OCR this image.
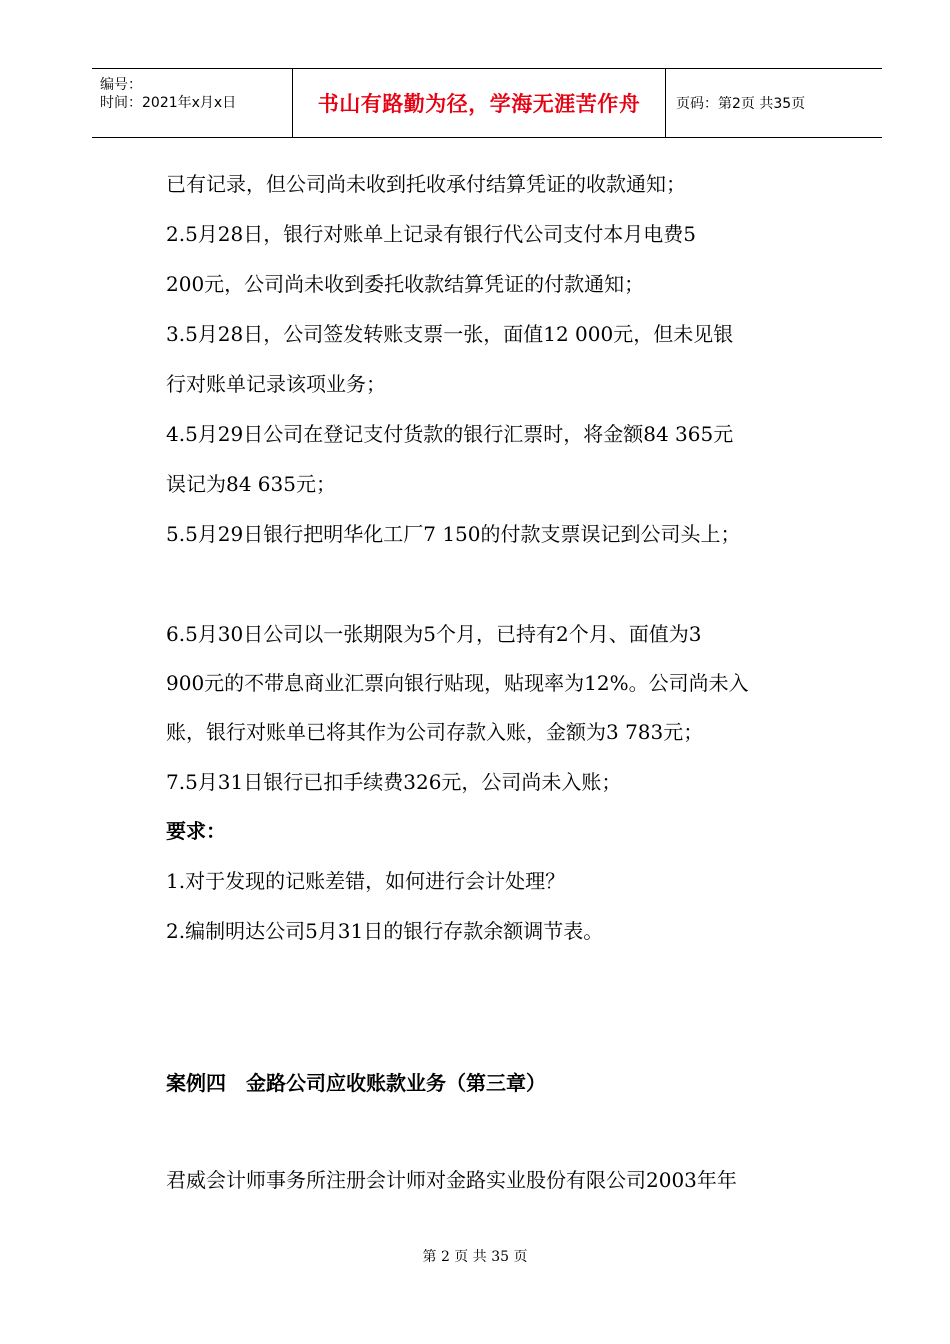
编号：
时间：2021年x月x日	书山有路勤为径，学海无涯苦作舟	页码：第2页 共35页
已有记录，但公司尚未收到托收承付结算凭证的收款通知；
2.5月28日，银行对账单上记录有银行代公司支付本月电费5
200元，公司尚未收到委托收款结算凭证的付款通知；
3.5月28日，公司签发转账支票一张，面值12 000元，但未见银
行对账单记录该项业务；
4.5月29日公司在登记支付货款的银行汇票时，将金额84 365元
误记为84 635元；
5.5月29日银行把明华化工厂7 150的付款支票误记到公司头上；
6.5月30日公司以一张期限为5个月，已持有2个月、面值为3
900元的不带息商业汇票向银行贴现，贴现率为12%。公司尚未入
账，银行对账单已将其作为公司存款入账，金额为3 783元；
7.5月31日银行已扣手续费326元，公司尚未入账；
要求：
1.对于发现的记账差错，如何进行会计处理？
2.编制明达公司5月31日的银行存款余额调节表。
案例四　金路公司应收账款业务（第三章）
君威会计师事务所注册会计师对金路实业股份有限公司2003年年
第 2 页 共 35 页
